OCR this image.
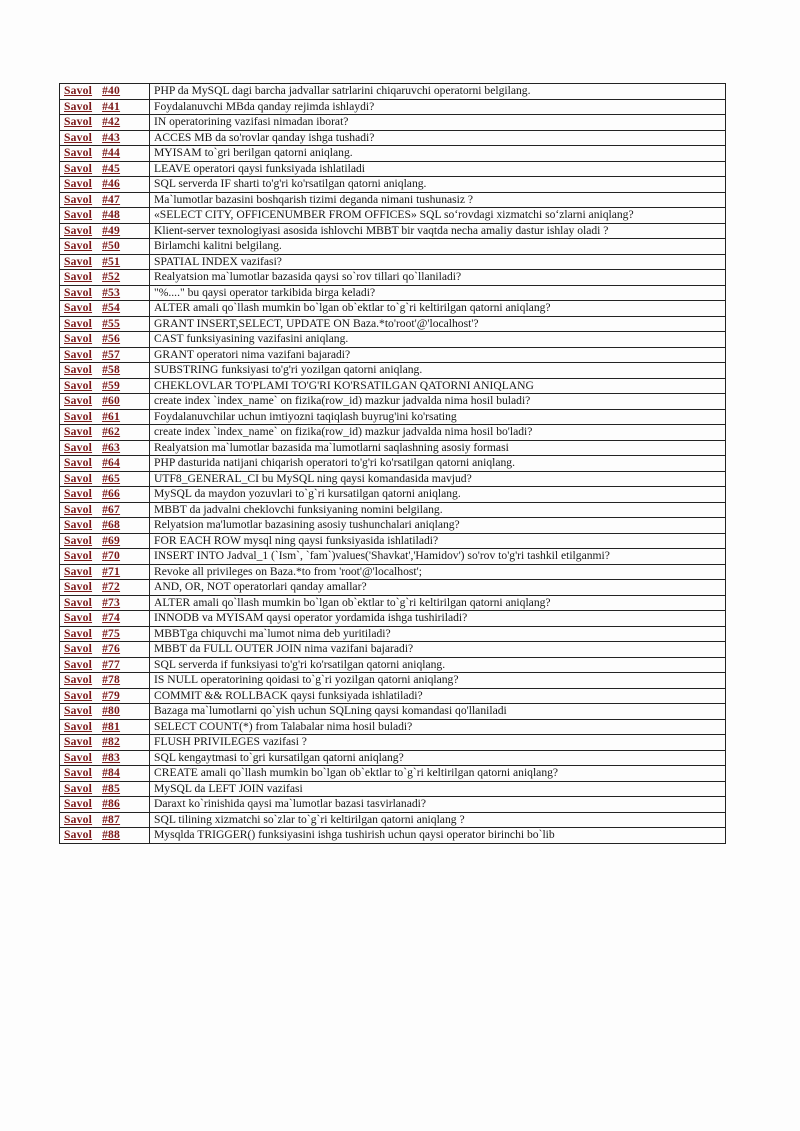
Savol #40	PHP da MySQL dagi barcha jadvallar satrlarini chiqaruvchi operatorni belgilang.
Savol #41	Foydalanuvchi MBda qanday rejimda ishlaydi?
Savol #42	IN operatorining vazifasi nimadan iborat?
Savol #43	ACCES MB da so'rovlar qanday ishga tushadi?
Savol #44	MYISAM to`gri berilgan qatorni aniqlang.
Savol #45	LEAVE operatori qaysi funksiyada ishlatiladi
Savol #46	SQL serverda IF sharti to'g'ri ko'rsatilgan qatorni aniqlang.
Savol #47	Ma`lumotlar bazasini boshqarish tizimi deganda nimani tushunasiz ?
Savol #48	«SELECT CITY, OFFICENUMBER FROM OFFICES» SQL so‘rovdagi xizmatchi so‘zlarni aniqlang?
Savol #49	Klient-server texnologiyasi asosida ishlovchi MBBT bir vaqtda necha amaliy dastur ishlay oladi ?
Savol #50	Birlamchi kalitni belgilang.
Savol #51	SPATIAL INDEX vazifasi?
Savol #52	Realyatsion ma`lumotlar bazasida qaysi so`rov tillari qo`llaniladi?
Savol #53	"%...." bu qaysi operator tarkibida birga keladi?
Savol #54	ALTER amali qo`llash mumkin bo`lgan ob`ektlar to`g`ri keltirilgan qatorni aniqlang?
Savol #55	GRANT INSERT,SELECT, UPDATE ON Baza.*to'root'@'localhost'?
Savol #56	CAST funksiyasining vazifasini aniqlang.
Savol #57	GRANT operatori nima vazifani bajaradi?
Savol #58	SUBSTRING funksiyasi to'g'ri yozilgan qatorni aniqlang.
Savol #59	CHEKLOVLAR TO'PLAMI TO'G'RI KO'RSATILGAN QATORNI ANIQLANG
Savol #60	create index `index_name` on fizika(row_id) mazkur jadvalda nima hosil buladi?
Savol #61	Foydalanuvchilar uchun imtiyozni taqiqlash buyrug'ini ko'rsating
Savol #62	create index `index_name` on fizika(row_id) mazkur jadvalda nima hosil bo'ladi?
Savol #63	Realyatsion ma`lumotlar bazasida ma`lumotlarni saqlashning asosiy formasi
Savol #64	PHP dasturida natijani chiqarish operatori to'g'ri ko'rsatilgan qatorni aniqlang.
Savol #65	UTF8_GENERAL_CI bu MySQL ning qaysi komandasida mavjud?
Savol #66	MySQL da maydon yozuvlari to`g`ri kursatilgan qatorni aniqlang.
Savol #67	MBBT da jadvalni cheklovchi funksiyaning nomini belgilang.
Savol #68	Relyatsion ma'lumotlar bazasining asosiy tushunchalari aniqlang?
Savol #69	FOR EACH ROW mysql ning qaysi funksiyasida ishlatiladi?
Savol #70	INSERT INTO Jadval_1 (`Ism`, `fam`)values('Shavkat','Hamidov') so'rov to'g'ri tashkil etilganmi?
Savol #71	Revoke all privileges on Baza.*to from 'root'@'localhost';
Savol #72	AND, OR, NOT operatorlari qanday amallar?
Savol #73	ALTER amali qo`llash mumkin bo`lgan ob`ektlar to`g`ri keltirilgan qatorni aniqlang?
Savol #74	INNODB va MYISAM qaysi operator yordamida ishga tushiriladi?
Savol #75	MBBTga chiquvchi ma`lumot nima deb yuritiladi?
Savol #76	MBBT da FULL OUTER JOIN nima vazifani bajaradi?
Savol #77	SQL serverda if funksiyasi to'g'ri ko'rsatilgan qatorni aniqlang.
Savol #78	IS NULL operatorining qoidasi to`g`ri yozilgan qatorni aniqlang?
Savol #79	COMMIT && ROLLBACK qaysi funksiyada ishlatiladi?
Savol #80	Bazaga ma`lumotlarni qo`yish uchun SQLning qaysi komandasi qo'llaniladi
Savol #81	SELECT COUNT(*) from Talabalar nima hosil buladi?
Savol #82	FLUSH PRIVILEGES vazifasi ?
Savol #83	SQL kengaytmasi to`gri kursatilgan qatorni aniqlang?
Savol #84	CREATE amali qo`llash mumkin bo`lgan ob`ektlar to`g`ri keltirilgan qatorni aniqlang?
Savol #85	MySQL da LEFT JOIN vazifasi
Savol #86	Daraxt ko`rinishida qaysi ma`lumotlar bazasi tasvirlanadi?
Savol #87	SQL tilining xizmatchi so`zlar to`g`ri keltirilgan qatorni aniqlang ?
Savol #88	Mysqlda TRIGGER() funksiyasini ishga tushirish uchun qaysi operator birinchi bo`lib
